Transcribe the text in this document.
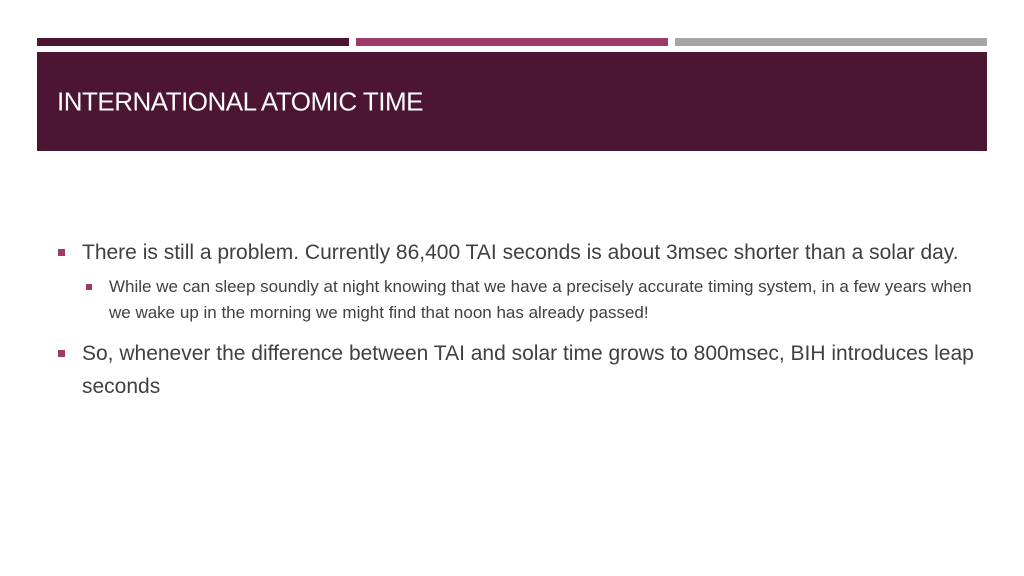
INTERNATIONAL ATOMIC TIME
There is still a problem. Currently 86,400 TAI seconds is about 3msec shorter than a solar day.
While we can sleep soundly at night knowing that we have a precisely accurate timing system, in a few years when we wake up in the morning we might find that noon has already passed!
So, whenever the difference between TAI and solar time grows to 800msec, BIH introduces leap seconds
